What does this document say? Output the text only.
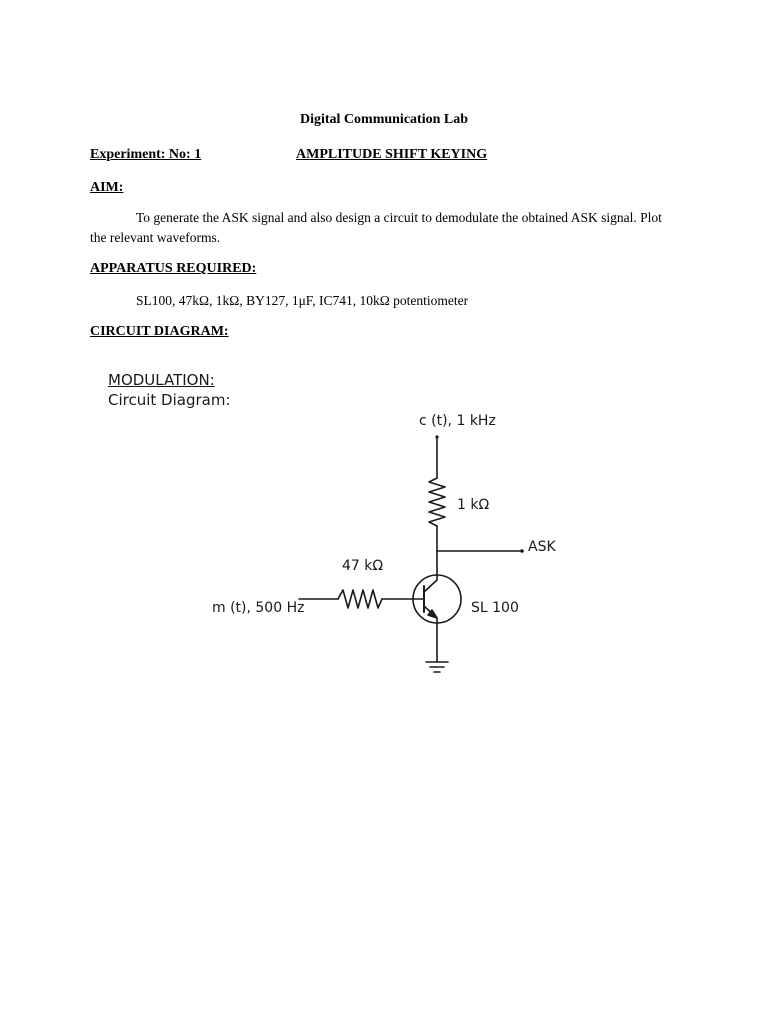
Digital Communication Lab
Experiment: No: 1	AMPLITUDE SHIFT KEYING
AIM:
To generate the ASK signal and also design a circuit to demodulate the obtained ASK signal. Plot
the relevant waveforms.
APPARATUS REQUIRED:
SL100, 47kΩ, 1kΩ, BY127, 1μF, IC741, 10kΩ potentiometer
CIRCUIT DIAGRAM:
MODULATION:
Circuit Diagram:
c (t), 1 kHz
1 kΩ
ASK
47 kΩ
m (t), 500 Hz	SL 100
